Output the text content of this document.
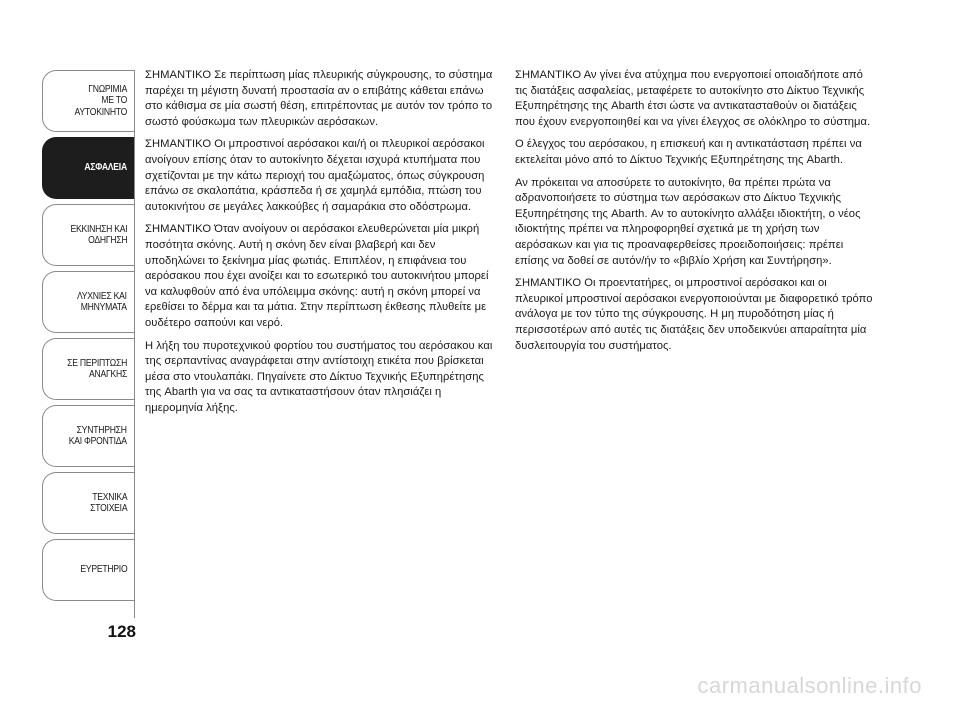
ΓΝΩΡΙΜΙΑ
ΜΕ ΤΟ
ΑΥΤΟΚΙΝΗΤΟ
ΑΣΦΑΛΕΙΑ
ΕΚΚΙΝΗΣΗ ΚΑΙ
ΟΔΗΓΗΣΗ
ΛΥΧΝΙΕΣ ΚΑΙ
ΜΗΝΥΜΑΤΑ
ΣΕ ΠΕΡΙΠΤΩΣΗ
ΑΝΑΓΚΗΣ
ΣΥΝΤΗΡΗΣΗ
ΚΑΙ ΦΡΟΝΤΙΔΑ
ΤΕΧΝΙΚΑ
ΣΤΟΙΧΕΙΑ
ΕΥΡΕΤΗΡΙΟ
128

ΣΗΜΑΝΤΙΚΟ Σε περίπτωση μίας πλευρικής σύγκρουσης, το σύστημα παρέχει τη μέγιστη δυνατή προστασία αν ο επιβάτης κάθεται επάνω στο κάθισμα σε μία σωστή θέση, επιτρέποντας με αυτόν τον τρόπο το σωστό φούσκωμα των πλευρικών αερόσακων.

ΣΗΜΑΝΤΙΚΟ Οι μπροστινοί αερόσακοι και/ή οι πλευρικοί αερόσακοι ανοίγουν επίσης όταν το αυτοκίνητο δέχεται ισχυρά κτυπήματα που σχετίζονται με την κάτω περιοχή του αμαξώματος, όπως σύγκρουση επάνω σε σκαλοπάτια, κράσπεδα ή σε χαμηλά εμπόδια, πτώση του αυτοκινήτου σε μεγάλες λακκούβες ή σαμαράκια στο οδόστρωμα.

ΣΗΜΑΝΤΙΚΟ Όταν ανοίγουν οι αερόσακοι ελευθερώνεται μία μικρή ποσότητα σκόνης. Αυτή η σκόνη δεν είναι βλαβερή και δεν υποδηλώνει το ξεκίνημα μίας φωτιάς. Επιπλέον, η επιφάνεια του αερόσακου που έχει ανοίξει και το εσωτερικό του αυτοκινήτου μπορεί να καλυφθούν από ένα υπόλειμμα σκόνης: αυτή η σκόνη μπορεί να ερεθίσει το δέρμα και τα μάτια. Στην περίπτωση έκθεσης πλυθείτε με ουδέτερο σαπούνι και νερό.

Η λήξη του πυροτεχνικού φορτίου του συστήματος του αερόσακου και της σερπαντίνας αναγράφεται στην αντίστοιχη ετικέτα που βρίσκεται μέσα στο ντουλαπάκι. Πηγαίνετε στο Δίκτυο Τεχνικής Εξυπηρέτησης της Abarth για να σας τα αντικαταστήσουν όταν πλησιάζει η ημερομηνία λήξης.

ΣΗΜΑΝΤΙΚΟ Αν γίνει ένα ατύχημα που ενεργοποιεί οποιαδήποτε από τις διατάξεις ασφαλείας, μεταφέρετε το αυτοκίνητο στο Δίκτυο Τεχνικής Εξυπηρέτησης της Abarth έτσι ώστε να αντικατασταθούν οι διατάξεις που έχουν ενεργοποιηθεί και να γίνει έλεγχος σε ολόκληρο το σύστημα.

Ο έλεγχος του αερόσακου, η επισκευή και η αντικατάσταση πρέπει να εκτελείται μόνο από το Δίκτυο Τεχνικής Εξυπηρέτησης της Abarth.

Αν πρόκειται να αποσύρετε το αυτοκίνητο, θα πρέπει πρώτα να αδρανοποιήσετε το σύστημα των αερόσακων στο Δίκτυο Τεχνικής Εξυπηρέτησης της Abarth. Αν το αυτοκίνητο αλλάξει ιδιοκτήτη, ο νέος ιδιοκτήτης πρέπει να πληροφορηθεί σχετικά με τη χρήση των αερόσακων και για τις προαναφερθείσες προειδοποιήσεις: πρέπει επίσης να δοθεί σε αυτόν/ήν το «βιβλίο Χρήση και Συντήρηση».

ΣΗΜΑΝΤΙΚΟ Οι προεντατήρες, οι μπροστινοί αερόσακοι και οι πλευρικοί μπροστινοί αερόσακοι ενεργοποιούνται με διαφορετικό τρόπο ανάλογα με τον τύπο της σύγκρουσης. Η μη πυροδότηση μίας ή περισσοτέρων από αυτές τις διατάξεις δεν υποδεικνύει απαραίτητα μία δυσλειτουργία του συστήματος.

carmanualsonline.info
